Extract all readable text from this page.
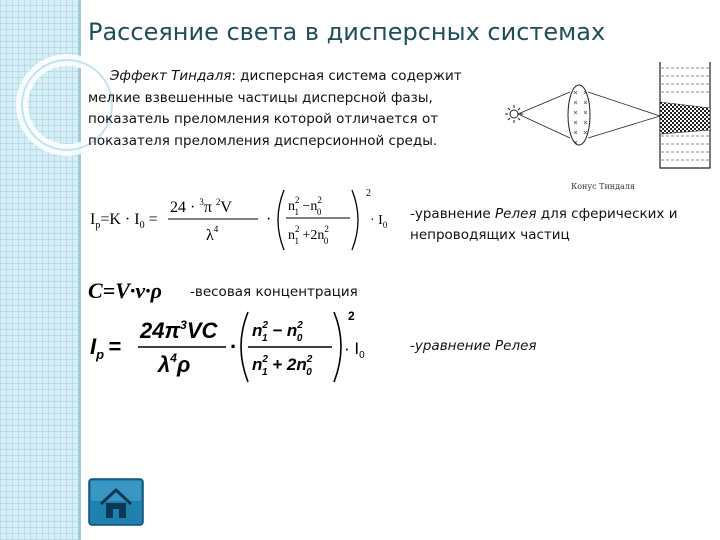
Рассеяние света в дисперсных системах
Эффект Тиндаля: дисперсная система содержит мелкие взвешенные частицы дисперсной фазы, показатель преломления которой отличается от показателя преломления дисперсионной среды.
Конус Тиндаля
$I_р=K \cdot I_0$ =
24 · $^3$π $^2$V
$\lambda^4$
·
$n^2$ $1 -n^2$ 0
$n^2$ $1 +2n^2$ 0
2
· $I_0$
-уравнение Релея для сферических и непроводящих частиц
C=V·ν·ρ -весовая концентрация
$I_p$ =
$24\pi^3VC$
$\lambda^4\rho$
·
$n^2$ $1 - n^2$ 0
$n^2$ $1 + 2n^2$ 0
2
· $I_0$
-уравнение Релея
